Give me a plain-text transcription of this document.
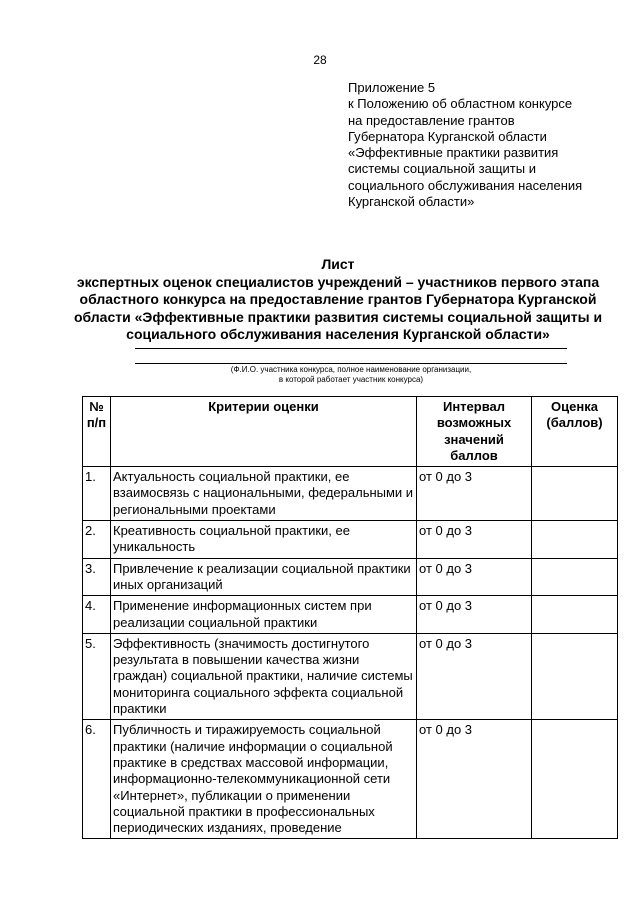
28
Приложение 5
к Положению об областном конкурсе
на предоставление грантов
Губернатора Курганской области
«Эффективные практики развития
системы социальной защиты и
социального обслуживания населения
Курганской области»
Лист
экспертных оценок специалистов учреждений – участников первого этапа
областного конкурса на предоставление грантов Губернатора Курганской
области «Эффективные практики развития системы социальной защиты и
социального обслуживания населения Курганской области»
(Ф.И.О. участника конкурса, полное наименование организации,
в которой работает участник конкурса)
№ п/п	Критерии оценки	Интервал возможных значений баллов	Оценка (баллов)
1.	Актуальность социальной практики, ее взаимосвязь с национальными, федеральными и региональными проектами	от 0 до 3	
2.	Креативность социальной практики, ее уникальность	от 0 до 3	
3.	Привлечение к реализации социальной практики иных организаций	от 0 до 3	
4.	Применение информационных систем при реализации социальной практики	от 0 до 3	
5.	Эффективность (значимость достигнутого результата в повышении качества жизни граждан) социальной практики, наличие системы мониторинга социального эффекта социальной практики	от 0 до 3	
6.	Публичность и тиражируемость социальной практики (наличие информации о социальной практике в средствах массовой информации, информационно-телекоммуникационной сети «Интернет», публикации о применении социальной практики в профессиональных периодических изданиях, проведение	от 0 до 3	
